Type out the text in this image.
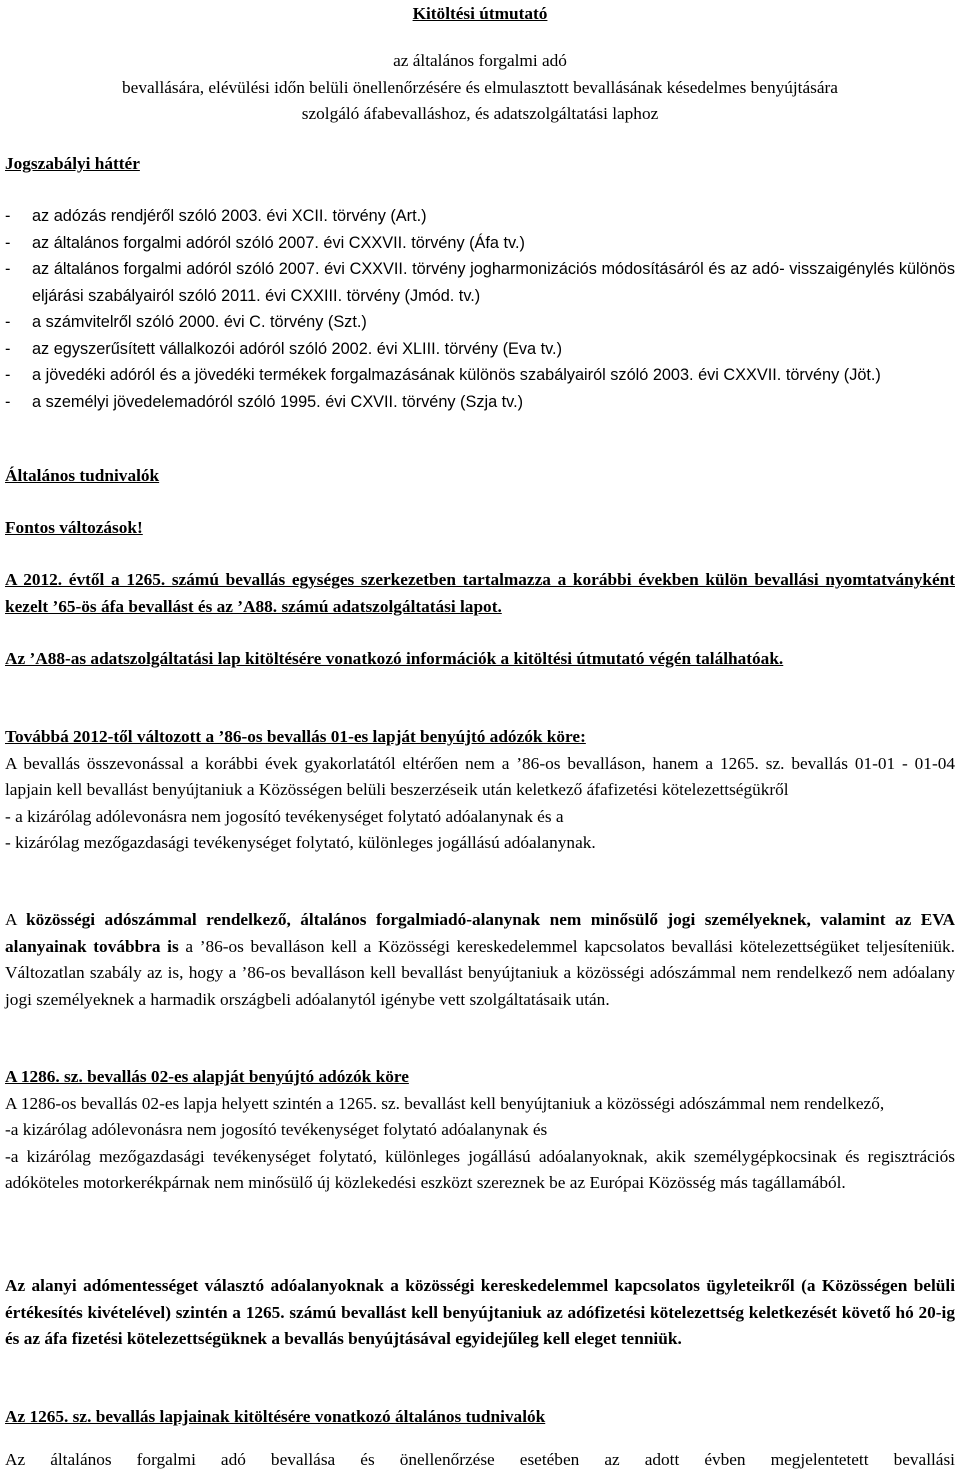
Kitöltési útmutató
az általános forgalmi adó
bevallására, elévülési időn belüli önellenőrzésére és elmulasztott bevallásának késedelmes benyújtására
szolgáló áfabevalláshoz, és adatszolgáltatási laphoz
Jogszabályi háttér
-	az adózás rendjéről szóló 2003. évi XCII. törvény (Art.)
-	az általános forgalmi adóról szóló 2007. évi CXXVII. törvény (Áfa tv.)
-	az általános forgalmi adóról szóló 2007. évi CXXVII. törvény jogharmonizációs módosításáról és az adó- visszaigénylés különös eljárási szabályairól szóló 2011. évi CXXIII. törvény (Jmód. tv.)
-	a számvitelről szóló 2000. évi C. törvény (Szt.)
-	az egyszerűsített vállalkozói adóról szóló 2002. évi XLIII. törvény (Eva tv.)
-	a jövedéki adóról és a jövedéki termékek forgalmazásának különös szabályairól szóló 2003. évi CXXVII. törvény (Jöt.)
-	a személyi jövedelemadóról szóló 1995. évi CXVII. törvény (Szja tv.)
Általános tudnivalók
Fontos változások!
A 2012. évtől a 1265. számú bevallás egységes szerkezetben tartalmazza a korábbi években külön bevallási nyomtatványként kezelt ’65-ös áfa bevallást és az ’A88. számú adatszolgáltatási lapot.
Az ’A88-as adatszolgáltatási lap kitöltésére vonatkozó információk a kitöltési útmutató végén találhatóak.
Továbbá 2012-től változott a ’86-os bevallás 01-es lapját benyújtó adózók köre:
A bevallás összevonással a korábbi évek gyakorlatától eltérően nem a ’86-os bevalláson, hanem a 1265. sz. bevallás 01-01 - 01-04 lapjain kell bevallást benyújtaniuk a Közösségen belüli beszerzéseik után keletkező áfafizetési kötelezettségükről
- a kizárólag adólevonásra nem jogosító tevékenységet folytató adóalanynak és a
- kizárólag mezőgazdasági tevékenységet folytató, különleges jogállású adóalanynak.
A közösségi adószámmal rendelkező, általános forgalmiadó-alanynak nem minősülő jogi személyeknek, valamint az EVA alanyainak továbbra is a ’86-os bevalláson kell a Közösségi kereskedelemmel kapcsolatos bevallási kötelezettségüket teljesíteniük. Változatlan szabály az is, hogy a ’86-os bevalláson kell bevallást benyújtaniuk a közösségi adószámmal nem rendelkező nem adóalany jogi személyeknek a harmadik országbeli adóalanytól igénybe vett szolgáltatásaik után.
A 1286. sz. bevallás 02-es alapját benyújtó adózók köre
A 1286-os bevallás 02-es lapja helyett szintén a 1265. sz. bevallást kell benyújtaniuk a közösségi adószámmal nem rendelkező,
-a kizárólag adólevonásra nem jogosító tevékenységet folytató adóalanynak és
-a kizárólag mezőgazdasági tevékenységet folytató, különleges jogállású adóalanyoknak, akik személygépkocsinak és regisztrációs adóköteles motorkerékpárnak nem minősülő új közlekedési eszközt szereznek be az Európai Közösség más tagállamából.
Az alanyi adómentességet választó adóalanyoknak a közösségi kereskedelemmel kapcsolatos ügyleteikről (a Közösségen belüli értékesítés kivételével) szintén a 1265. számú bevallást kell benyújtaniuk az adófizetési kötelezettség keletkezését követő hó 20-ig és az áfa fizetési kötelezettségüknek a bevallás benyújtásával egyidejűleg kell eleget tenniük.
Az 1265. sz. bevallás lapjainak kitöltésére vonatkozó általános tudnivalók
Az általános forgalmi adó bevallása és önellenőrzése esetében az adott évben megjelentetett bevallási
